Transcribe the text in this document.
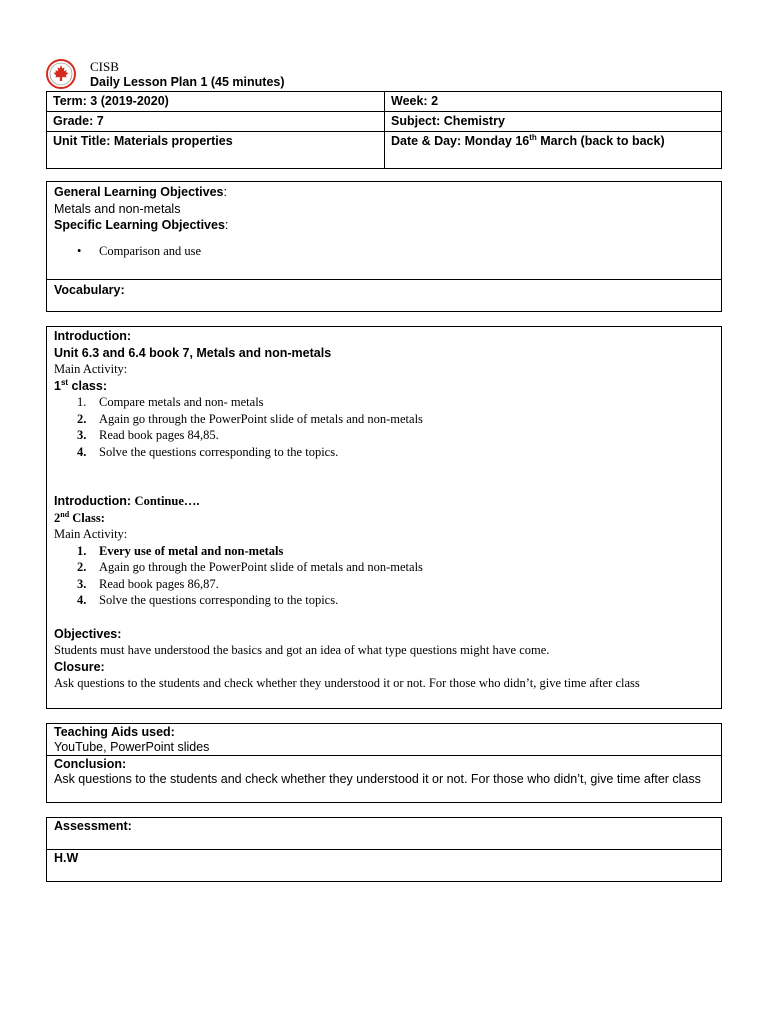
CISB
Daily Lesson Plan 1 (45 minutes)
Term: 3 (2019-2020)	Week: 2
Grade: 7	Subject: Chemistry
Unit Title: Materials properties	Date & Day: Monday 16th March (back to back)
General Learning Objectives:
Metals and non-metals
Specific Learning Objectives:
• Comparison and use
Vocabulary:
Introduction:
Unit 6.3 and 6.4 book 7, Metals and non-metals
Main Activity:
1st class:
1. Compare metals and non- metals
2. Again go through the PowerPoint slide of metals and non-metals
3. Read book pages 84,85.
4. Solve the questions corresponding to the topics.
Introduction: Continue….
2nd Class:
Main Activity:
1. Every use of metal and non-metals
2. Again go through the PowerPoint slide of metals and non-metals
3. Read book pages 86,87.
4. Solve the questions corresponding to the topics.
Objectives:
Students must have understood the basics and got an idea of what type questions might have come.
Closure:
Ask questions to the students and check whether they understood it or not. For those who didn’t, give time after class
Teaching Aids used:
YouTube, PowerPoint slides
Conclusion:
Ask questions to the students and check whether they understood it or not. For those who didn’t, give time after class
Assessment:
H.W
